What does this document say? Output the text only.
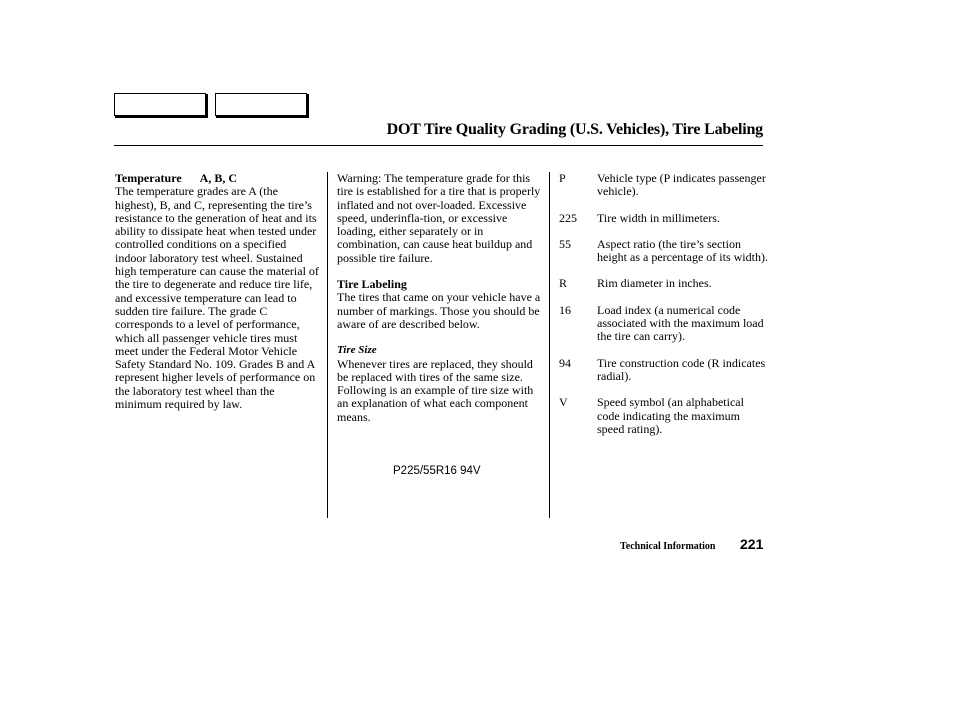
DOT Tire Quality Grading (U.S. Vehicles), Tire Labeling
Temperature A, B, C

The temperature grades are A (the highest), B, and C, representing the tire’s resistance to the generation of heat and its ability to dissipate heat when tested under controlled conditions on a specified indoor laboratory test wheel. Sustained high temperature can cause the material of the tire to degenerate and reduce tire life, and excessive temperature can lead to sudden tire failure. The grade C corresponds to a level of performance, which all passenger vehicle tires must meet under the Federal Motor Vehicle Safety Standard No. 109. Grades B and A represent higher levels of performance on the laboratory test wheel than the minimum required by law.

Warning: The temperature grade for this tire is established for a tire that is properly inflated and not over-loaded. Excessive speed, underinfla-tion, or excessive loading, either separately or in combination, can cause heat buildup and possible tire failure.

Tire Labeling

The tires that came on your vehicle have a number of markings. Those you should be aware of are described below.

Tire Size

Whenever tires are replaced, they should be replaced with tires of the same size. Following is an example of tire size with an explanation of what each component means.

P225/55R16 94V
P	Vehicle type (P indicates passenger vehicle).
225	Tire width in millimeters.
55	Aspect ratio (the tire’s section height as a percentage of its width).
R	Rim diameter in inches.
16	Load index (a numerical code associated with the maximum load the tire can carry).
94	Tire construction code (R indicates radial).
V	Speed symbol (an alphabetical code indicating the maximum speed rating).
Technical Information 221
